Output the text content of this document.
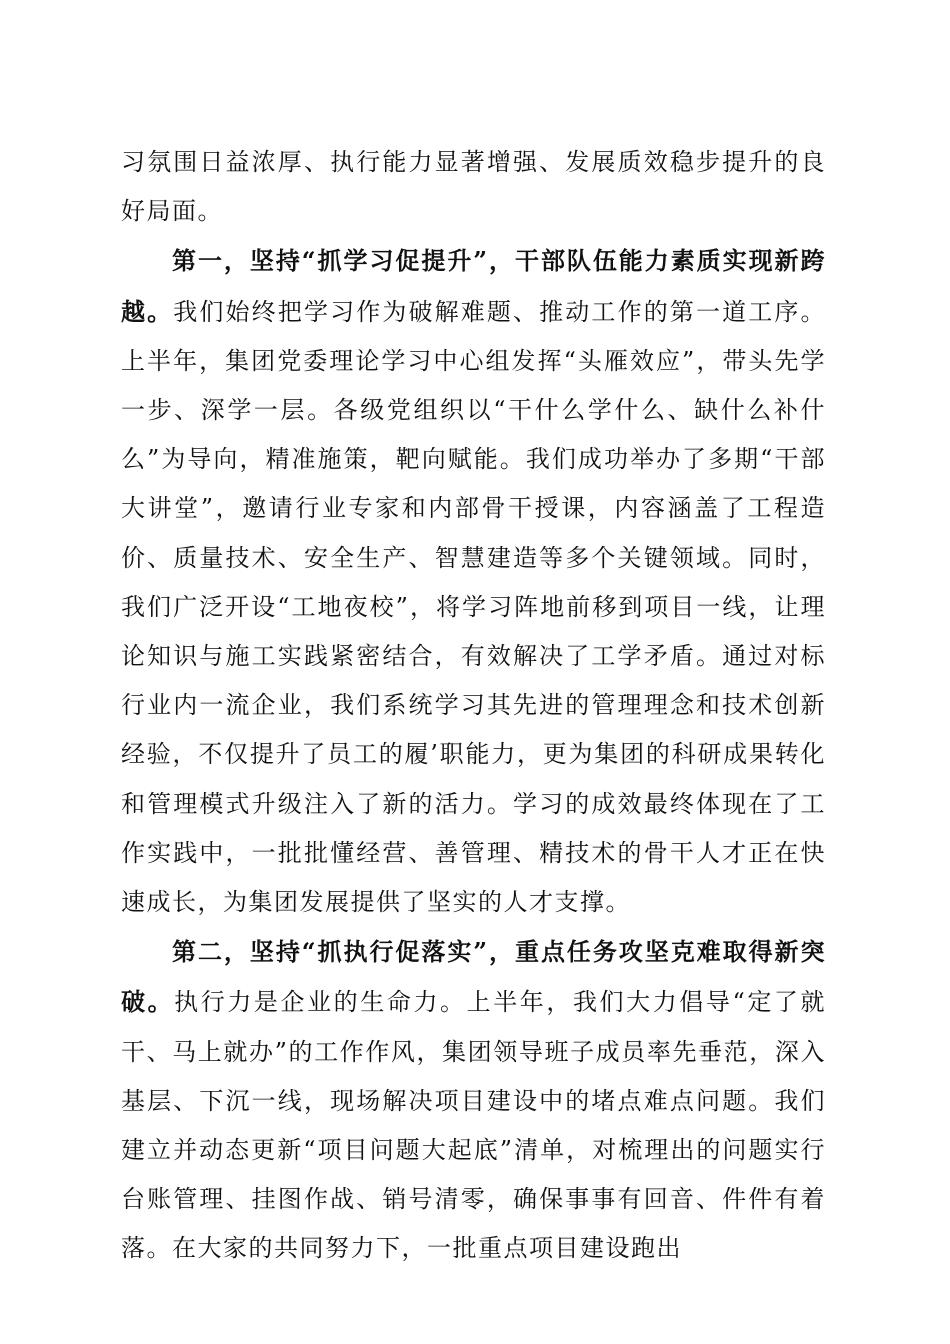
习氛围日益浓厚、执行能力显著增强、发展质效稳步提升的良好局面。

第一，坚持“抓学习促提升”，干部队伍能力素质实现新跨越。我们始终把学习作为破解难题、推动工作的第一道工序。上半年，集团党委理论学习中心组发挥“头雁效应”，带头先学一步、深学一层。各级党组织以“干什么学什么、缺什么补什么”为导向，精准施策，靶向赋能。我们成功举办了多期“干部大讲堂”，邀请行业专家和内部骨干授课，内容涵盖了工程造价、质量技术、安全生产、智慧建造等多个关键领域。同时，我们广泛开设“工地夜校”，将学习阵地前移到项目一线，让理论知识与施工实践紧密结合，有效解决了工学矛盾。通过对标行业内一流企业，我们系统学习其先进的管理理念和技术创新经验，不仅提升了员工的履’职能力，更为集团的科研成果转化和管理模式升级注入了新的活力。学习的成效最终体现在了工作实践中，一批批懂经营、善管理、精技术的骨干人才正在快速成长，为集团发展提供了坚实的人才支撑。

第二，坚持“抓执行促落实”，重点任务攻坚克难取得新突破。执行力是企业的生命力。上半年，我们大力倡导“定了就干、马上就办”的工作作风，集团领导班子成员率先垂范，深入基层、下沉一线，现场解决项目建设中的堵点难点问题。我们建立并动态更新“项目问题大起底”清单，对梳理出的问题实行台账管理、挂图作战、销号清零，确保事事有回音、件件有着落。在大家的共同努力下，一批重点项目建设跑出
